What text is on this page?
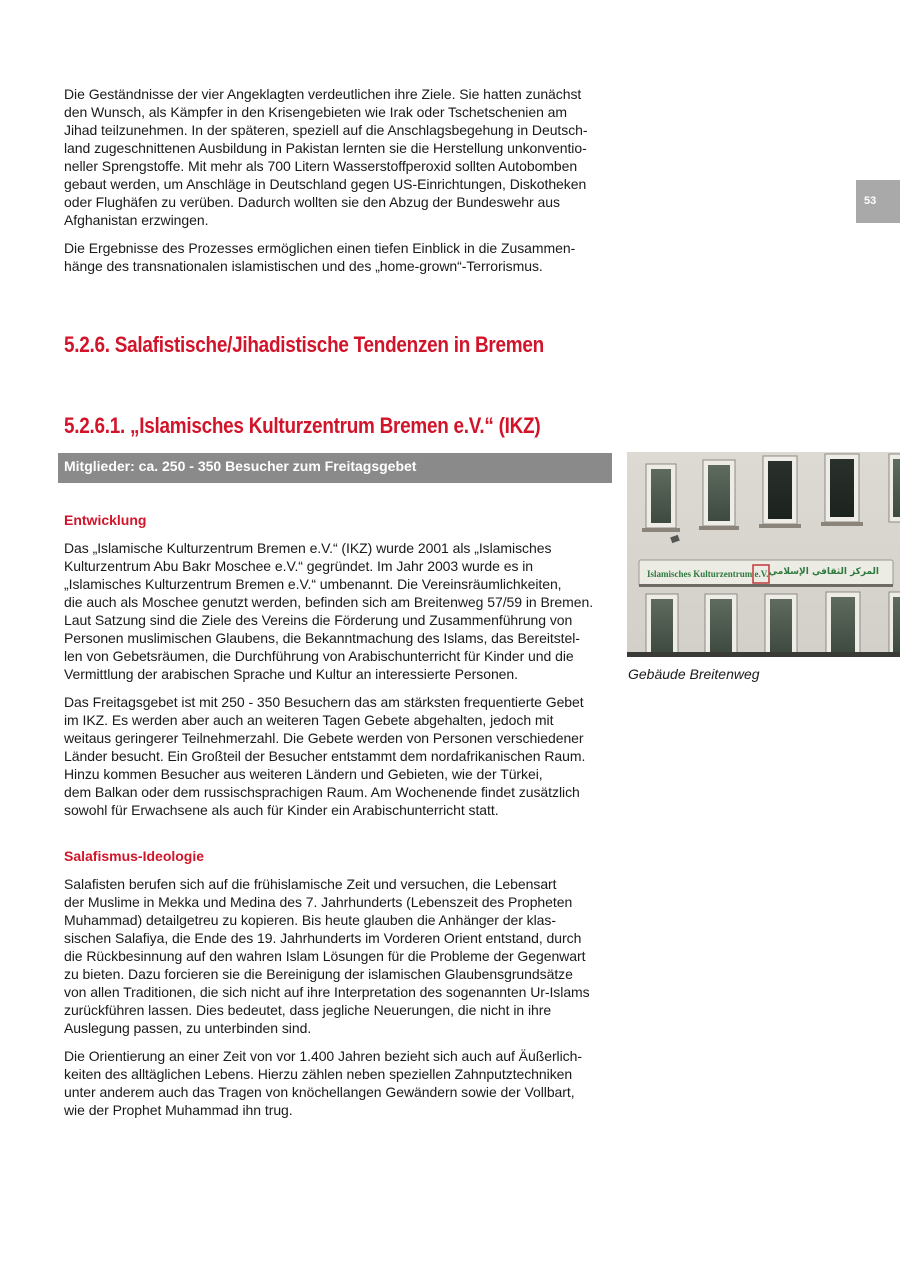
53

Die Geständnisse der vier Angeklagten verdeutlichen ihre Ziele. Sie hatten zunächst
den Wunsch, als Kämpfer in den Krisengebieten wie Irak oder Tschetschenien am
Jihad teilzunehmen. In der späteren, speziell auf die Anschlagsbegehung in Deutsch-
land zugeschnittenen Ausbildung in Pakistan lernten sie die Herstellung unkonventio-
neller Sprengstoffe. Mit mehr als 700 Litern Wasserstoffperoxid sollten Autobomben
gebaut werden, um Anschläge in Deutschland gegen US-Einrichtungen, Diskotheken
oder Flughäfen zu verüben. Dadurch wollten sie den Abzug der Bundeswehr aus
Afghanistan erzwingen.

Die Ergebnisse des Prozesses ermöglichen einen tiefen Einblick in die Zusammen-
hänge des transnationalen islamistischen und des „home-grown“-Terrorismus.

5.2.6. Salafistische/Jihadistische Tendenzen in Bremen
5.2.6.1. „Islamisches Kulturzentrum Bremen e.V.“ (IKZ)
Mitglieder: ca. 250 - 350 Besucher zum Freitagsgebet
Entwicklung

Das „Islamische Kulturzentrum Bremen e.V.“ (IKZ) wurde 2001 als „Islamisches
Kulturzentrum Abu Bakr Moschee e.V.“ gegründet. Im Jahr 2003 wurde es in
„Islamisches Kulturzentrum Bremen e.V.“ umbenannt. Die Vereinsräumlichkeiten,
die auch als Moschee genutzt werden, befinden sich am Breitenweg 57/59 in Bremen.
Laut Satzung sind die Ziele des Vereins die Förderung und Zusammenführung von
Personen muslimischen Glaubens, die Bekanntmachung des Islams, das Bereitstel-
len von Gebetsräumen, die Durchführung von Arabischunterricht für Kinder und die
Vermittlung der arabischen Sprache und Kultur an interessierte Personen.

Das Freitagsgebet ist mit 250 - 350 Besuchern das am stärksten frequentierte Gebet
im IKZ. Es werden aber auch an weiteren Tagen Gebete abgehalten, jedoch mit
weitaus geringerer Teilnehmerzahl. Die Gebete werden von Personen verschiedener
Länder besucht. Ein Großteil der Besucher entstammt dem nordafrikanischen Raum.
Hinzu kommen Besucher aus weiteren Ländern und Gebieten, wie der Türkei,
dem Balkan oder dem russischsprachigen Raum. Am Wochenende findet zusätzlich
sowohl für Erwachsene als auch für Kinder ein Arabischunterricht statt.

Salafismus-Ideologie

Salafisten berufen sich auf die frühislamische Zeit und versuchen, die Lebensart
der Muslime in Mekka und Medina des 7. Jahrhunderts (Lebenszeit des Propheten
Muhammad) detailgetreu zu kopieren. Bis heute glauben die Anhänger der klas-
sischen Salafiya, die Ende des 19. Jahrhunderts im Vorderen Orient entstand, durch
die Rückbesinnung auf den wahren Islam Lösungen für die Probleme der Gegenwart
zu bieten. Dazu forcieren sie die Bereinigung der islamischen Glaubensgrundsätze
von allen Traditionen, die sich nicht auf ihre Interpretation des sogenannten Ur-Islams
zurückführen lassen. Dies bedeutet, dass jegliche Neuerungen, die nicht in ihre
Auslegung passen, zu unterbinden sind.

Die Orientierung an einer Zeit von vor 1.400 Jahren bezieht sich auch auf Äußerlich-
keiten des alltäglichen Lebens. Hierzu zählen neben speziellen Zahnputztechniken
unter anderem auch das Tragen von knöchellangen Gewändern sowie der Vollbart,
wie der Prophet Muhammad ihn trug.

Islamisches Kulturzentrum e.V. المركز الثقافي الإسلامي
Gebäude Breitenweg
